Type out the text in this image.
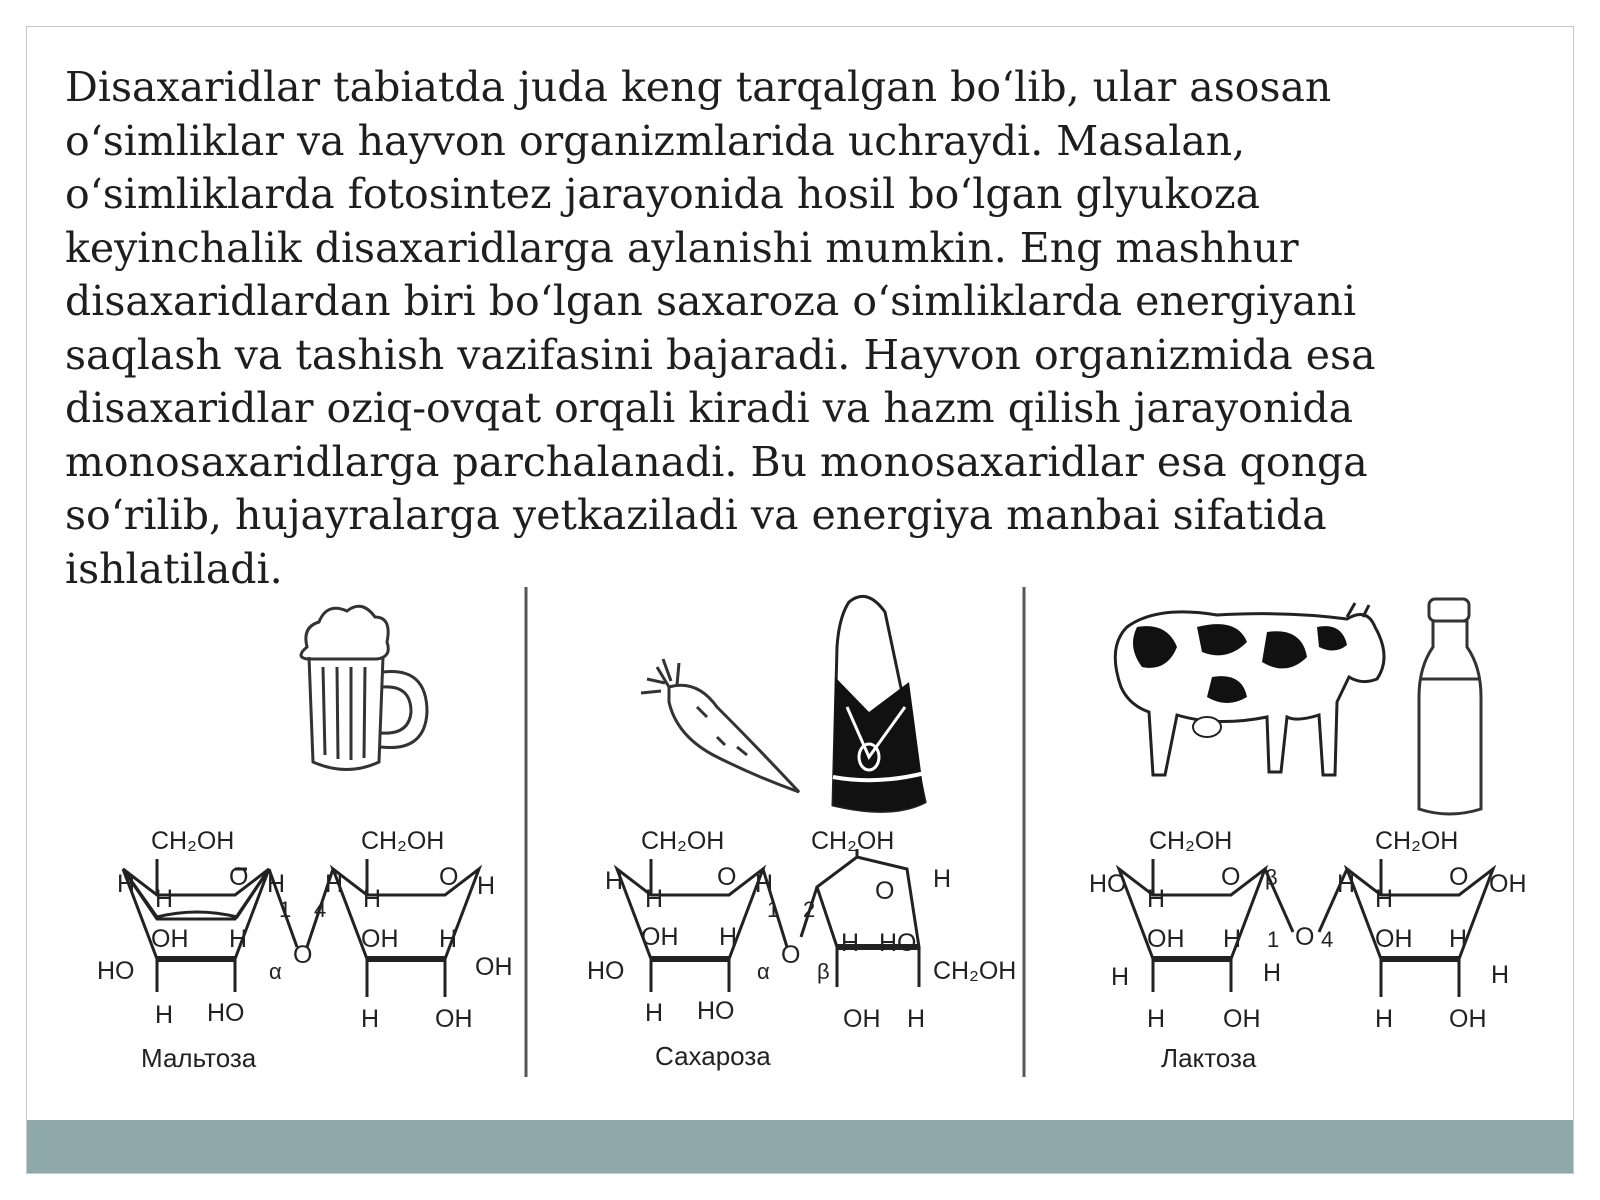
Disaxaridlar tabiatda juda keng tarqalgan bo‘lib, ular asosan
o‘simliklar va hayvon organizmlarida uchraydi. Masalan,
o‘simliklarda fotosintez jarayonida hosil bo‘lgan glyukoza
keyinchalik disaxaridlarga aylanishi mumkin. Eng mashhur
disaxaridlardan biri bo‘lgan saxaroza o‘simliklarda energiyani
saqlash va tashish vazifasini bajaradi. Hayvon organizmida esa
disaxaridlar oziq-ovqat orqali kiradi va hazm qilish jarayonida
monosaxaridlarga parchalanadi. Bu monosaxaridlar esa qonga
so‘rilib, hujayralarga yetkaziladi va energiya manbai sifatida
ishlatiladi.
CH₂OH	CH₂OH
O	O
H
H
H H
H	H
OH H	OH H
HO	OH
O
1 4
α
H HO	H OH
Мальтоза
CH₂OH	CH₂OH
O	O
H
H
H	H
OH H	H HO
HO
O
1 2
α β	CH₂OH
H HO	OH H
Сахароза
CH₂OH	CH₂OH
O	O
HO
H
β H
H
OH
OH H 1 O 4 OH H
H	H	H
H OH	H OH
Лактоза
